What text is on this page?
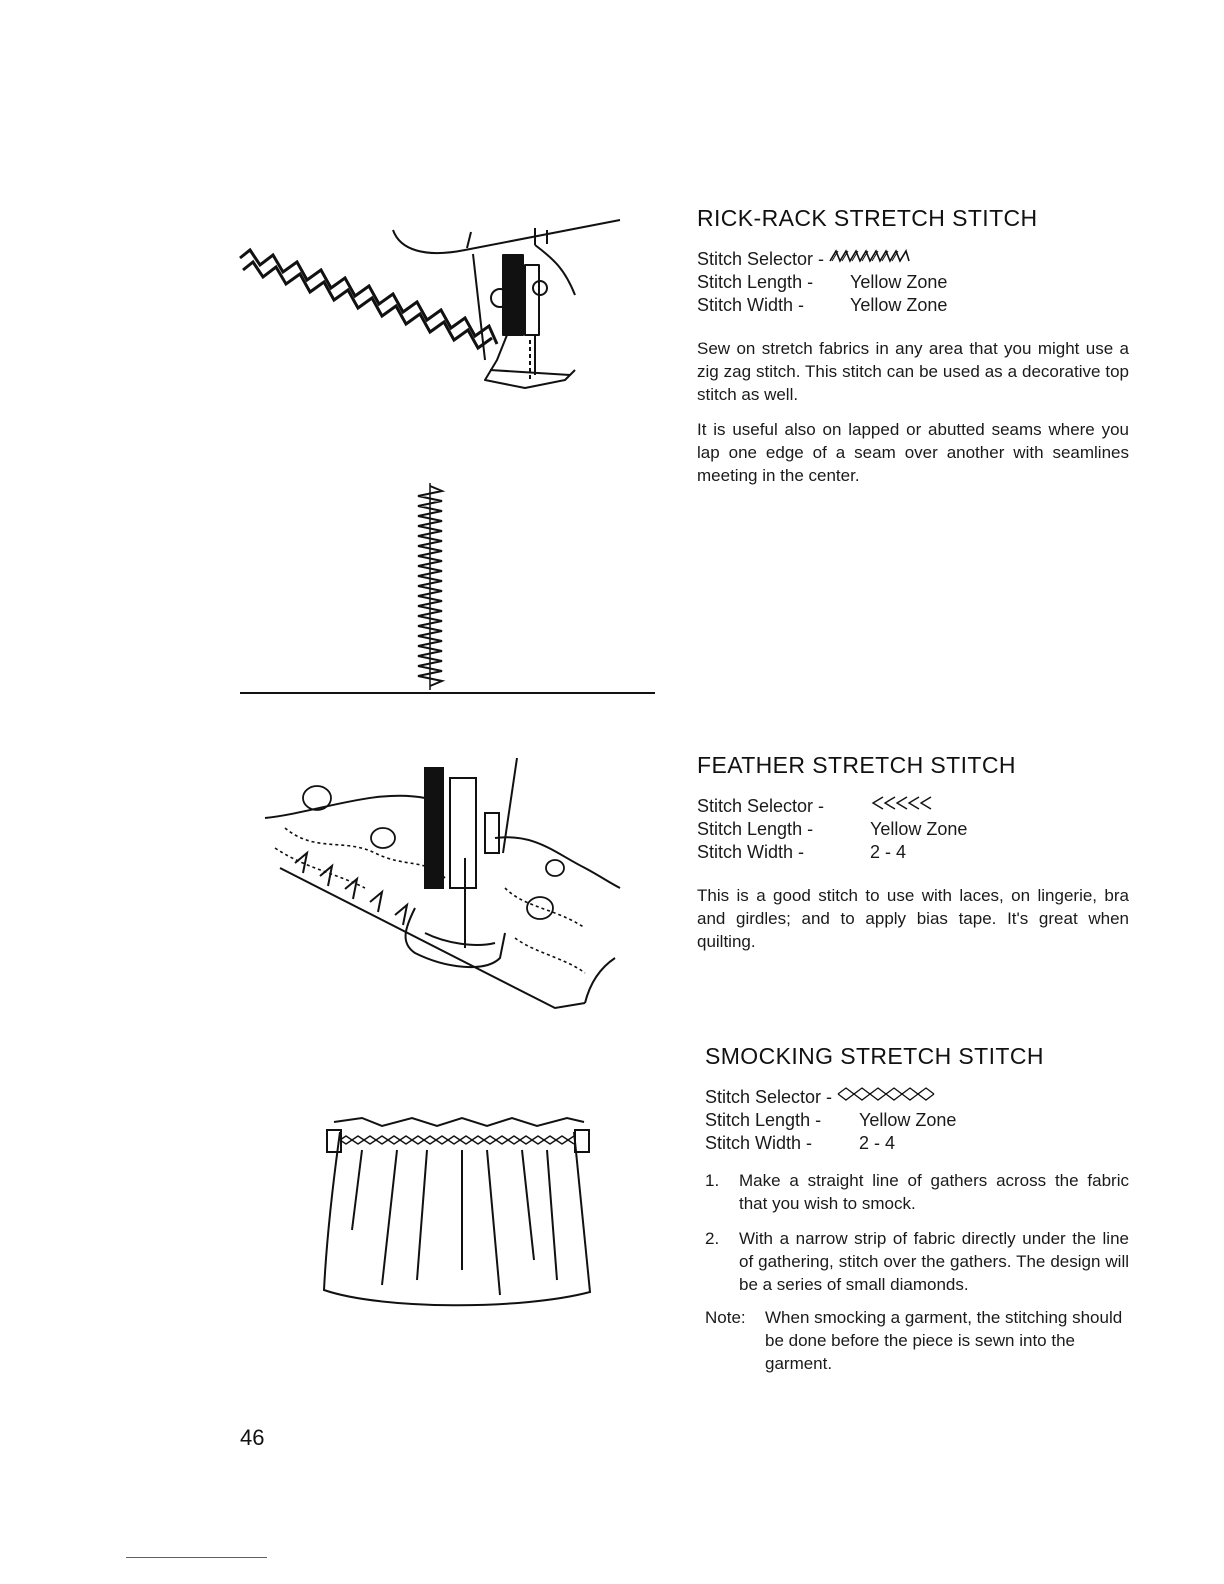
RICK-RACK STRETCH STITCH
Stitch Selector -
Stitch Length -	Yellow Zone
Stitch Width -	Yellow Zone

Sew on stretch fabrics in any area that you might use a zig zag stitch. This stitch can be used as a decorative top stitch as well.

It is useful also on lapped or abutted seams where you lap one edge of a seam over another with seamlines meeting in the center.

FEATHER STRETCH STITCH
Stitch Selector -
Stitch Length -	Yellow Zone
Stitch Width -	2 - 4

This is a good stitch to use with laces, on lingerie, bra and girdles; and to apply bias tape. It's great when quilting.

SMOCKING STRETCH STITCH
Stitch Selector -
Stitch Length -	Yellow Zone
Stitch Width -	2 - 4
1.	Make a straight line of gathers across the fabric that you wish to smock.
2.	With a narrow strip of fabric directly under the line of gathering, stitch over the gathers. The design will be a series of small diamonds.
Note:	When smocking a garment, the stitching should be done before the piece is sewn into the garment.
46
